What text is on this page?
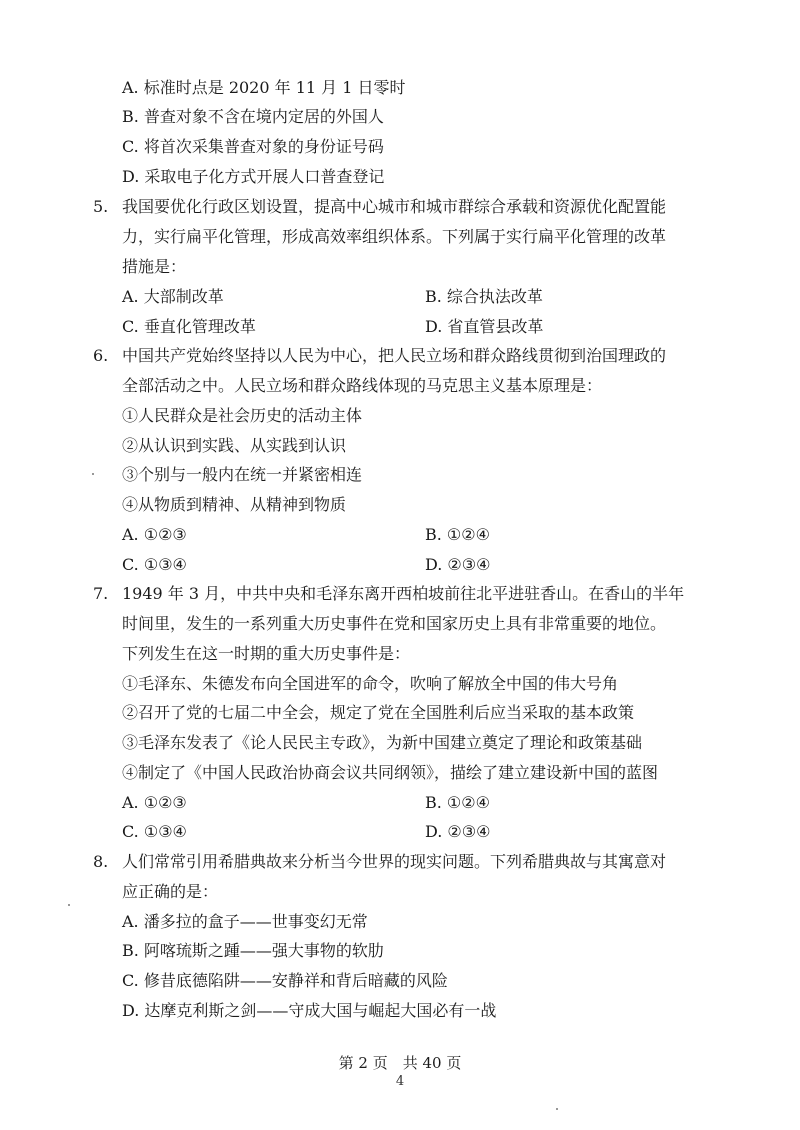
A. 标准时点是 2020 年 11 月 1 日零时
B. 普查对象不含在境内定居的外国人
C. 将首次采集普查对象的身份证号码
D. 采取电子化方式开展人口普查登记
5. 我国要优化行政区划设置，提高中心城市和城市群综合承载和资源优化配置能
力，实行扁平化管理，形成高效率组织体系。下列属于实行扁平化管理的改革
措施是：
A. 大部制改革	B. 综合执法改革
C. 垂直化管理改革	D. 省直管县改革
6. 中国共产党始终坚持以人民为中心，把人民立场和群众路线贯彻到治国理政的
全部活动之中。人民立场和群众路线体现的马克思主义基本原理是：
①人民群众是社会历史的活动主体
②从认识到实践、从实践到认识
③个别与一般内在统一并紧密相连
④从物质到精神、从精神到物质
A. ①②③	B. ①②④
C. ①③④	D. ②③④
7. 1949 年 3 月，中共中央和毛泽东离开西柏坡前往北平进驻香山。在香山的半年
时间里，发生的一系列重大历史事件在党和国家历史上具有非常重要的地位。
下列发生在这一时期的重大历史事件是：
①毛泽东、朱德发布向全国进军的命令，吹响了解放全中国的伟大号角
②召开了党的七届二中全会，规定了党在全国胜利后应当采取的基本政策
③毛泽东发表了《论人民民主专政》，为新中国建立奠定了理论和政策基础
④制定了《中国人民政治协商会议共同纲领》，描绘了建立建设新中国的蓝图
A. ①②③	B. ①②④
C. ①③④	D. ②③④
8. 人们常常引用希腊典故来分析当今世界的现实问题。下列希腊典故与其寓意对
应正确的是：
A. 潘多拉的盒子——世事变幻无常
B. 阿喀琉斯之踵——强大事物的软肋
C. 修昔底德陷阱——安静祥和背后暗藏的风险
D. 达摩克利斯之剑——守成大国与崛起大国必有一战
第 2 页　共 40 页
4
